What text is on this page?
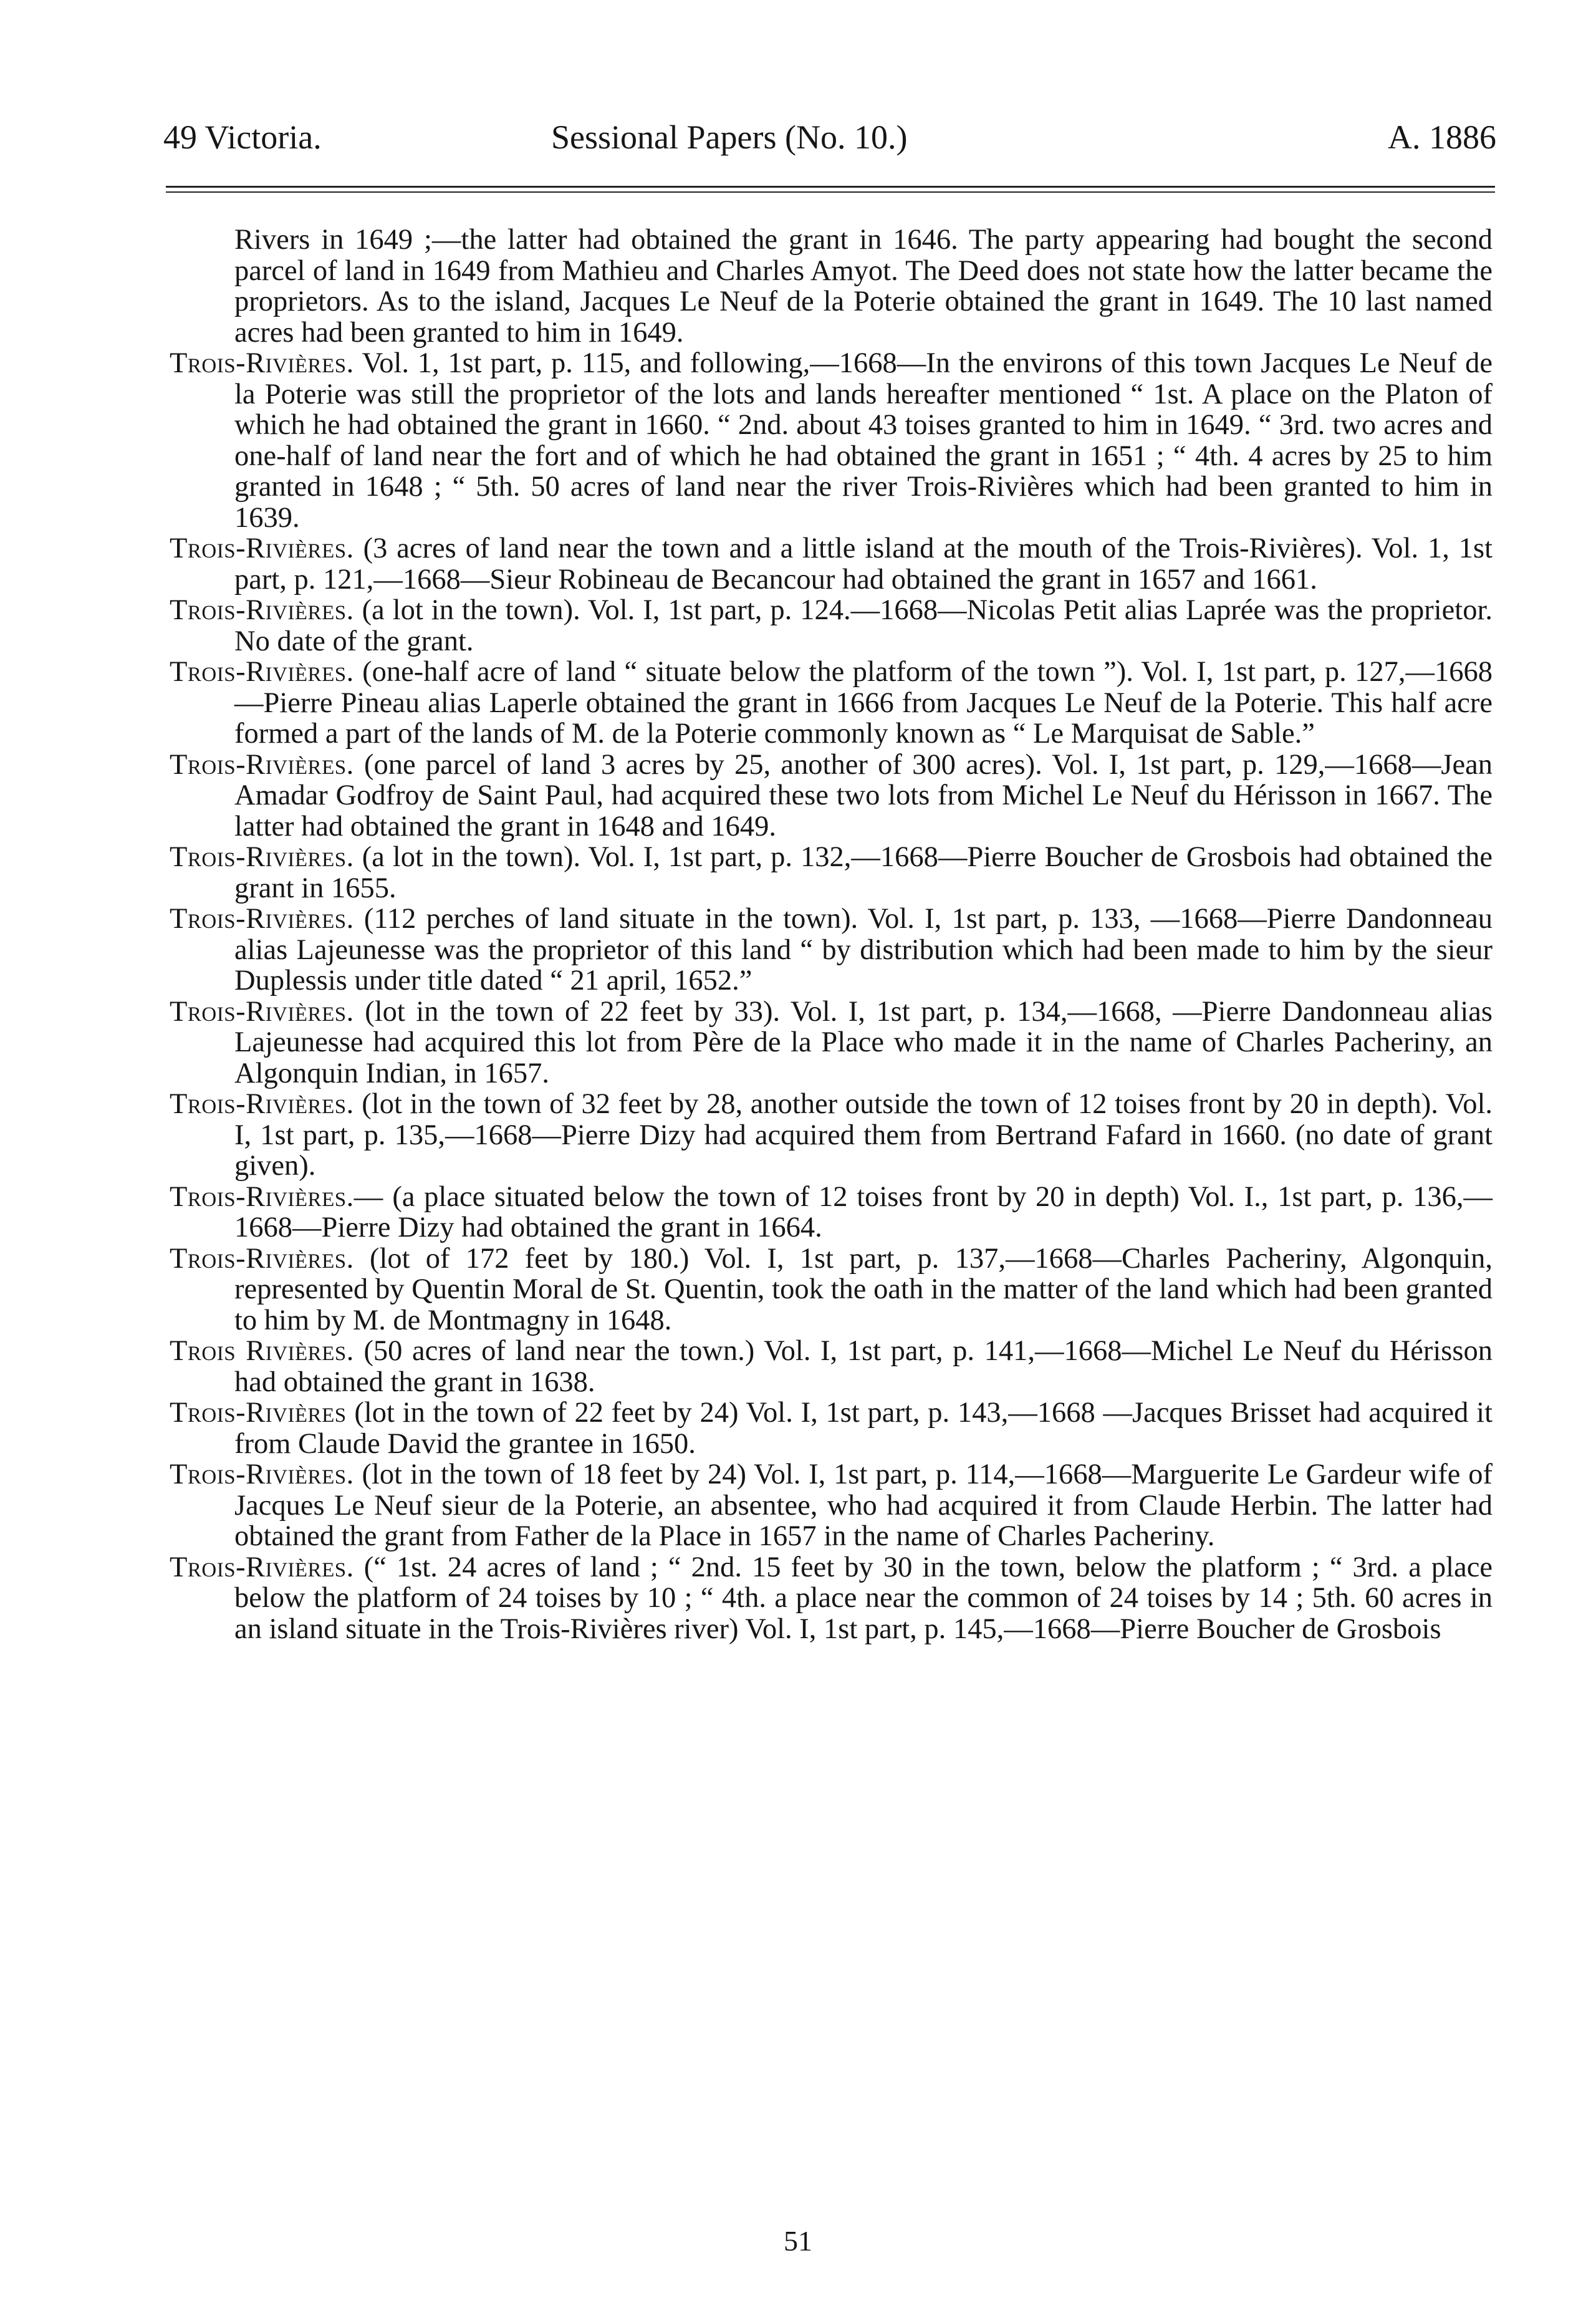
49 Victoria.	Sessional Papers (No. 10.)	A. 1886

Rivers in 1649 ;—the latter had obtained the grant in 1646. The party appearing had bought the second parcel of land in 1649 from Mathieu and Charles Amyot. The Deed does not state how the latter became the proprietors. As to the island, Jacques Le Neuf de la Poterie obtained the grant in 1649. The 10 last named acres had been granted to him in 1649.

Trois-Rivières. Vol. 1, 1st part, p. 115, and following,—1668—In the environs of this town Jacques Le Neuf de la Poterie was still the proprietor of the lots and lands hereafter mentioned “ 1st. A place on the Platon of which he had obtained the grant in 1660. “ 2nd. about 43 toises granted to him in 1649. “ 3rd. two acres and one-half of land near the fort and of which he had obtained the grant in 1651 ; “ 4th. 4 acres by 25 to him granted in 1648 ; “ 5th. 50 acres of land near the river Trois-Rivières which had been granted to him in 1639.

Trois-Rivières. (3 acres of land near the town and a little island at the mouth of the Trois-Rivières). Vol. 1, 1st part, p. 121,—1668—Sieur Robineau de Becancour had obtained the grant in 1657 and 1661.

Trois-Rivières. (a lot in the town). Vol. I, 1st part, p. 124.—1668—Nicolas Petit alias Laprée was the proprietor. No date of the grant.

Trois-Rivières. (one-half acre of land “ situate below the platform of the town ”). Vol. I, 1st part, p. 127,—1668—Pierre Pineau alias Laperle obtained the grant in 1666 from Jacques Le Neuf de la Poterie. This half acre formed a part of the lands of M. de la Poterie commonly known as “ Le Marquisat de Sable.”

Trois-Rivières. (one parcel of land 3 acres by 25, another of 300 acres). Vol. I, 1st part, p. 129,—1668—Jean Amadar Godfroy de Saint Paul, had acquired these two lots from Michel Le Neuf du Hérisson in 1667. The latter had obtained the grant in 1648 and 1649.

Trois-Rivières. (a lot in the town). Vol. I, 1st part, p. 132,—1668—Pierre Boucher de Grosbois had obtained the grant in 1655.

Trois-Rivières. (112 perches of land situate in the town). Vol. I, 1st part, p. 133, —1668—Pierre Dandonneau alias Lajeunesse was the proprietor of this land “ by distribution which had been made to him by the sieur Duplessis under title dated “ 21 april, 1652.”

Trois-Rivières. (lot in the town of 22 feet by 33). Vol. I, 1st part, p. 134,—1668, —Pierre Dandonneau alias Lajeunesse had acquired this lot from Père de la Place who made it in the name of Charles Pacheriny, an Algonquin Indian, in 1657.

Trois-Rivières. (lot in the town of 32 feet by 28, another outside the town of 12 toises front by 20 in depth). Vol. I, 1st part, p. 135,—1668—Pierre Dizy had acquired them from Bertrand Fafard in 1660. (no date of grant given).

Trois-Rivières.— (a place situated below the town of 12 toises front by 20 in depth) Vol. I., 1st part, p. 136,—1668—Pierre Dizy had obtained the grant in 1664.

Trois-Rivières. (lot of 172 feet by 180.) Vol. I, 1st part, p. 137,—1668—Charles Pacheriny, Algonquin, represented by Quentin Moral de St. Quentin, took the oath in the matter of the land which had been granted to him by M. de Montmagny in 1648.

Trois Rivières. (50 acres of land near the town.) Vol. I, 1st part, p. 141,—1668—Michel Le Neuf du Hérisson had obtained the grant in 1638.

Trois-Rivières (lot in the town of 22 feet by 24) Vol. I, 1st part, p. 143,—1668 —Jacques Brisset had acquired it from Claude David the grantee in 1650.

Trois-Rivières. (lot in the town of 18 feet by 24) Vol. I, 1st part, p. 114,—1668—Marguerite Le Gardeur wife of Jacques Le Neuf sieur de la Poterie, an absentee, who had acquired it from Claude Herbin. The latter had obtained the grant from Father de la Place in 1657 in the name of Charles Pacheriny.

Trois-Rivières. (“ 1st. 24 acres of land ; “ 2nd. 15 feet by 30 in the town, below the platform ; “ 3rd. a place below the platform of 24 toises by 10 ; “ 4th. a place near the common of 24 toises by 14 ; 5th. 60 acres in an island situate in the Trois-Rivières river) Vol. I, 1st part, p. 145,—1668—Pierre Boucher de Grosbois

51
